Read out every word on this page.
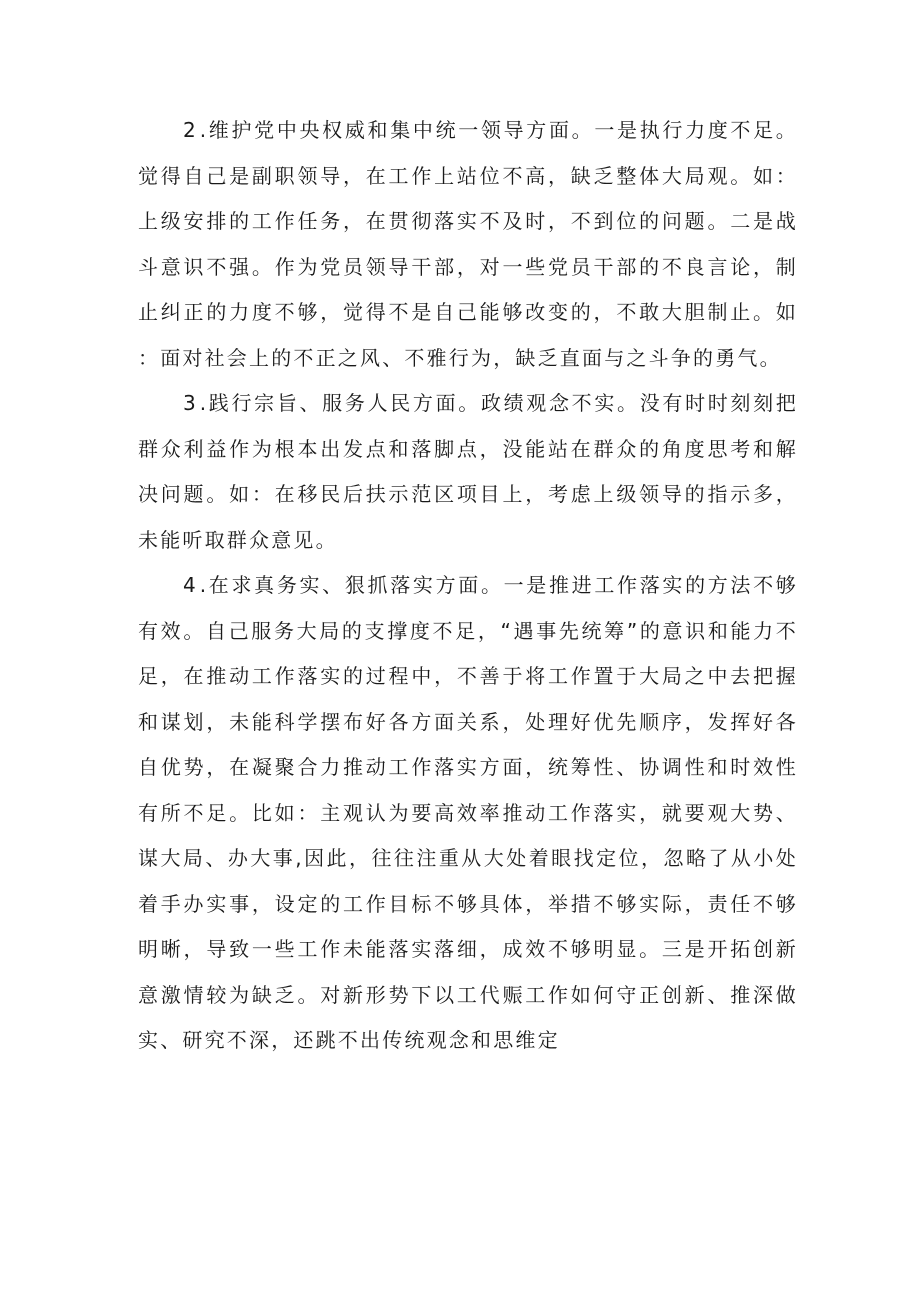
2 .维护党中央权威和集中统一领导方面。一是执行力度不足。觉得自己是副职领导，在工作上站位不高，缺乏整体大局观。如：上级安排的工作任务，在贯彻落实不及时，不到位的问题。二是战斗意识不强。作为党员领导干部，对一些党员干部的不良言论，制止纠正的力度不够，觉得不是自己能够改变的，不敢大胆制止。如：面对社会上的不正之风、不雅行为，缺乏直面与之斗争的勇气。

3 .践行宗旨、服务人民方面。政绩观念不实。没有时时刻刻把群众利益作为根本出发点和落脚点，没能站在群众的角度思考和解决问题。如：在移民后扶示范区项目上，考虑上级领导的指示多，未能听取群众意见。

4 .在求真务实、狠抓落实方面。一是推进工作落实的方法不够有效。自己服务大局的支撑度不足，“遇事先统筹”的意识和能力不足，在推动工作落实的过程中，不善于将工作置于大局之中去把握和谋划，未能科学摆布好各方面关系，处理好优先顺序，发挥好各自优势，在凝聚合力推动工作落实方面，统筹性、协调性和时效性有所不足。比如：主观认为要高效率推动工作落实，就要观大势、谋大局、办大事,因此，往往注重从大处着眼找定位，忽略了从小处着手办实事，设定的工作目标不够具体，举措不够实际，责任不够明晰，导致一些工作未能落实落细，成效不够明显。三是开拓创新意激情较为缺乏。对新形势下以工代赈工作如何守正创新、推深做实、研究不深，还跳不出传统观念和思维定
